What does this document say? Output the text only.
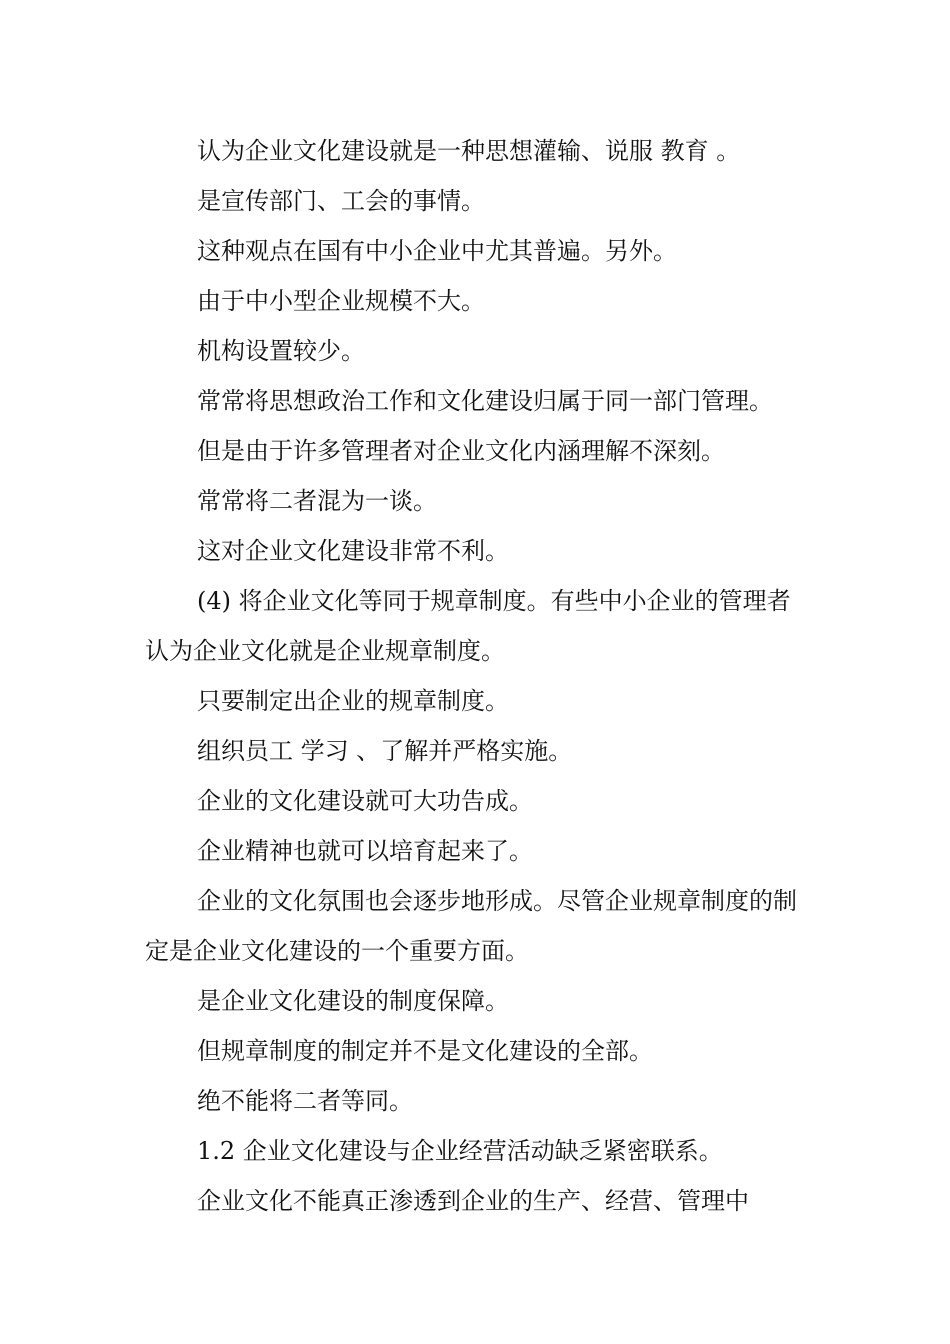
认为企业文化建设就是一种思想灌输、说服 教育 。

是宣传部门、工会的事情。

这种观点在国有中小企业中尤其普遍。另外。

由于中小型企业规模不大。

机构设置较少。

常常将思想政治工作和文化建设归属于同一部门管理。

但是由于许多管理者对企业文化内涵理解不深刻。

常常将二者混为一谈。

这对企业文化建设非常不利。

(4) 将企业文化等同于规章制度。有些中小企业的管理者认为企业文化就是企业规章制度。

只要制定出企业的规章制度。

组织员工 学习 、了解并严格实施。

企业的文化建设就可大功告成。

企业精神也就可以培育起来了。

企业的文化氛围也会逐步地形成。尽管企业规章制度的制定是企业文化建设的一个重要方面。

是企业文化建设的制度保障。

但规章制度的制定并不是文化建设的全部。

绝不能将二者等同。

1.2 企业文化建设与企业经营活动缺乏紧密联系。

企业文化不能真正渗透到企业的生产、经营、管理中
